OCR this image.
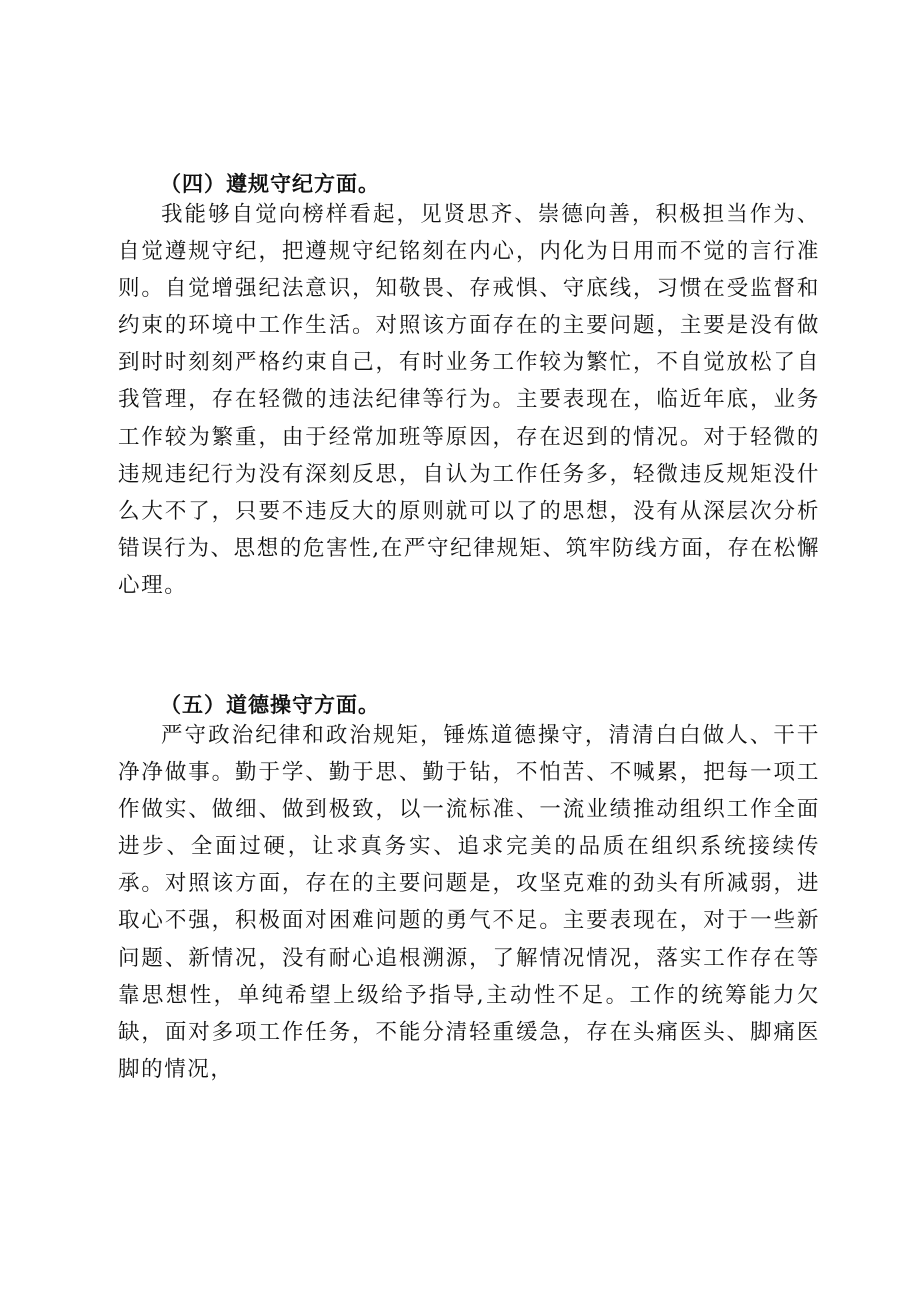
（四）遵规守纪方面。

我能够自觉向榜样看起，见贤思齐、崇德向善，积极担当作为、自觉遵规守纪，把遵规守纪铭刻在内心，内化为日用而不觉的言行准则。自觉增强纪法意识，知敬畏、存戒惧、守底线，习惯在受监督和约束的环境中工作生活。对照该方面存在的主要问题，主要是没有做到时时刻刻严格约束自己，有时业务工作较为繁忙，不自觉放松了自我管理，存在轻微的违法纪律等行为。主要表现在，临近年底，业务工作较为繁重，由于经常加班等原因，存在迟到的情况。对于轻微的违规违纪行为没有深刻反思，自认为工作任务多，轻微违反规矩没什么大不了，只要不违反大的原则就可以了的思想，没有从深层次分析错误行为、思想的危害性,在严守纪律规矩、筑牢防线方面，存在松懈心理。

（五）道德操守方面。

严守政治纪律和政治规矩，锤炼道德操守，清清白白做人、干干净净做事。勤于学、勤于思、勤于钻，不怕苦、不喊累，把每一项工作做实、做细、做到极致，以一流标准、一流业绩推动组织工作全面进步、全面过硬，让求真务实、追求完美的品质在组织系统接续传承。对照该方面，存在的主要问题是，攻坚克难的劲头有所减弱，进取心不强，积极面对困难问题的勇气不足。主要表现在，对于一些新问题、新情况，没有耐心追根溯源，了解情况情况，落实工作存在等靠思想性，单纯希望上级给予指导,主动性不足。工作的统筹能力欠缺，面对多项工作任务，不能分清轻重缓急，存在头痛医头、脚痛医脚的情况，
